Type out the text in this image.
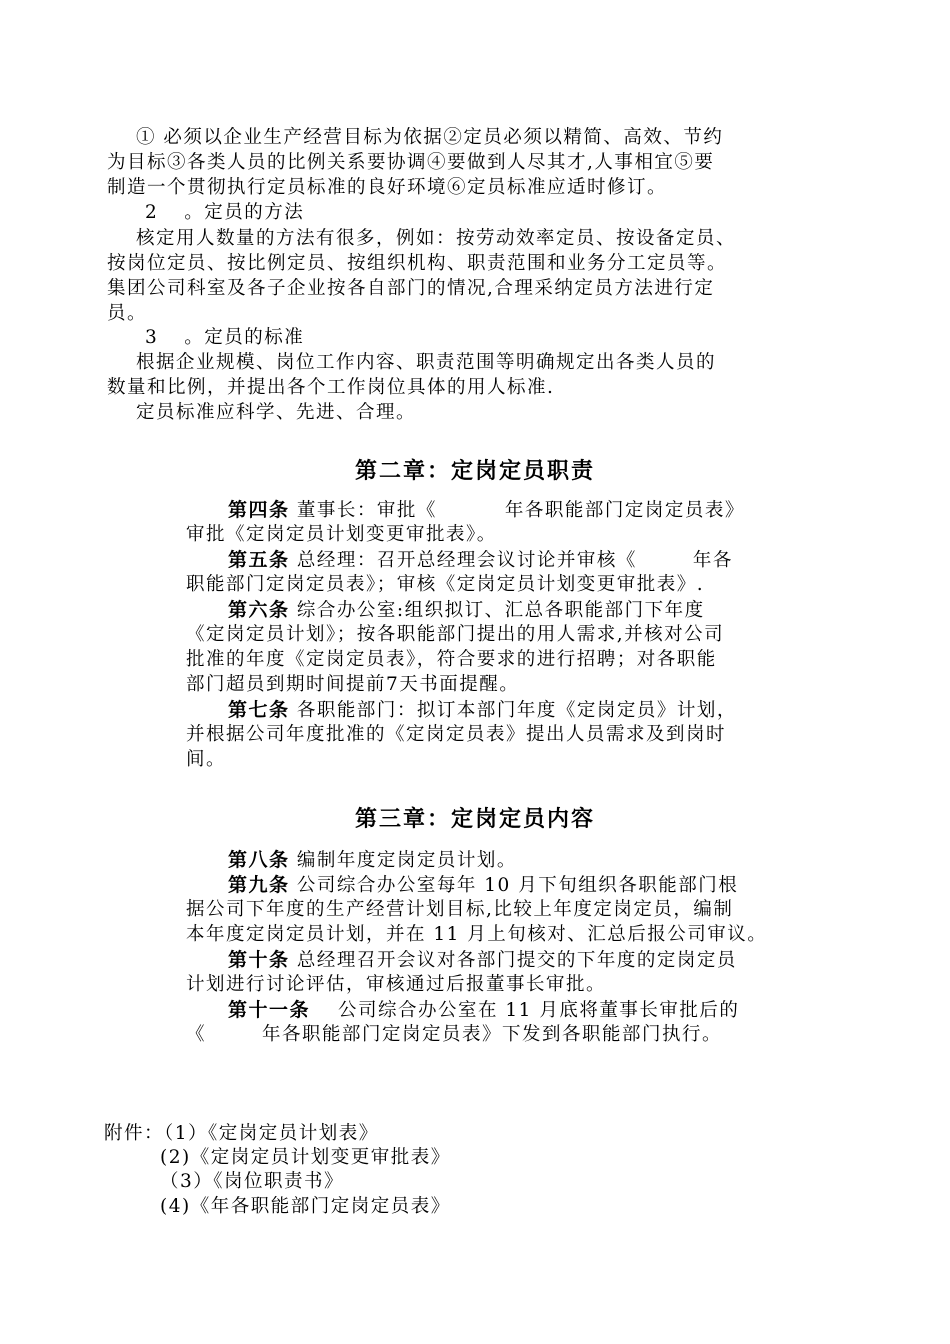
① 必须以企业生产经营目标为依据②定员必须以精简、高效、节约
为目标③各类人员的比例关系要协调④要做到人尽其才,人事相宜⑤要
制造一个贯彻执行定员标准的良好环境⑥定员标准应适时修订。
2 。定员的方法
核定用人数量的方法有很多，例如：按劳动效率定员、按设备定员、
按岗位定员、按比例定员、按组织机构、职责范围和业务分工定员等。
集团公司科室及各子企业按各自部门的情况,合理采纳定员方法进行定
员。
3 。定员的标准
根据企业规模、岗位工作内容、职责范围等明确规定出各类人员的
数量和比例，并提出各个工作岗位具体的用人标准.
定员标准应科学、先进、合理。
第二章：定岗定员职责
第四条 董事长：审批《	年各职能部门定岗定员表》
审批《定岗定员计划变更审批表》。
第五条 总经理：召开总经理会议讨论并审核《	年各
职能部门定岗定员表》；审核《定岗定员计划变更审批表》.
第六条 综合办公室:组织拟订、汇总各职能部门下年度
《定岗定员计划》；按各职能部门提出的用人需求,并核对公司
批准的年度《定岗定员表》，符合要求的进行招聘；对各职能
部门超员到期时间提前7天书面提醒。
第七条 各职能部门：拟订本部门年度《定岗定员》计划，
并根据公司年度批准的《定岗定员表》提出人员需求及到岗时
间。
第三章：定岗定员内容
第八条 编制年度定岗定员计划。
第九条 公司综合办公室每年 10 月下旬组织各职能部门根
据公司下年度的生产经营计划目标,比较上年度定岗定员，编制
本年度定岗定员计划，并在 11 月上旬核对、汇总后报公司审议。
第十条 总经理召开会议对各部门提交的下年度的定岗定员
计划进行讨论评估，审核通过后报董事长审批。
第十一条 公司综合办公室在 11 月底将董事长审批后的
《	年各职能部门定岗定员表》下发到各职能部门执行。
附件：（1）《定岗定员计划表》
(2)《定岗定员计划变更审批表》
（3）《岗位职责书》
(4)《年各职能部门定岗定员表》
